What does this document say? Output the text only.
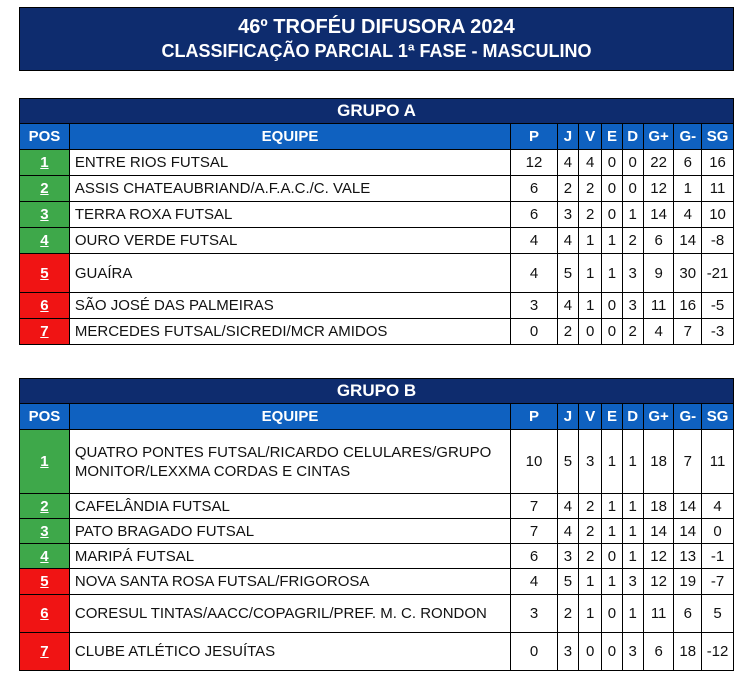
46º TROFÉU DIFUSORA 2024
CLASSIFICAÇÃO PARCIAL 1ª FASE - MASCULINO
GRUPO A									
POS	EQUIPE	P	J	V	E	D	G+	G-	SG
1	ENTRE RIOS FUTSAL	12	4	4	0	0	22	6	16
2	ASSIS CHATEAUBRIAND/A.F.A.C./C. VALE	6	2	2	0	0	12	1	11
3	TERRA ROXA FUTSAL	6	3	2	0	1	14	4	10
4	OURO VERDE FUTSAL	4	4	1	1	2	6	14	-8
5	GUAÍRA	4	5	1	1	3	9	30	-21
6	SÃO JOSÉ DAS PALMEIRAS	3	4	1	0	3	11	16	-5
7	MERCEDES FUTSAL/SICREDI/MCR AMIDOS	0	2	0	0	2	4	7	-3
GRUPO B									
POS	EQUIPE	P	J	V	E	D	G+	G-	SG
1	QUATRO PONTES FUTSAL/RICARDO CELULARES/GRUPO MONITOR/LEXXMA CORDAS E CINTAS	10	5	3	1	1	18	7	11
2	CAFELÂNDIA FUTSAL	7	4	2	1	1	18	14	4
3	PATO BRAGADO FUTSAL	7	4	2	1	1	14	14	0
4	MARIPÁ FUTSAL	6	3	2	0	1	12	13	-1
5	NOVA SANTA ROSA FUTSAL/FRIGOROSA	4	5	1	1	3	12	19	-7
6	CORESUL TINTAS/AACC/COPAGRIL/PREF. M. C. RONDON	3	2	1	0	1	11	6	5
7	CLUBE ATLÉTICO JESUÍTAS	0	3	0	0	3	6	18	-12
